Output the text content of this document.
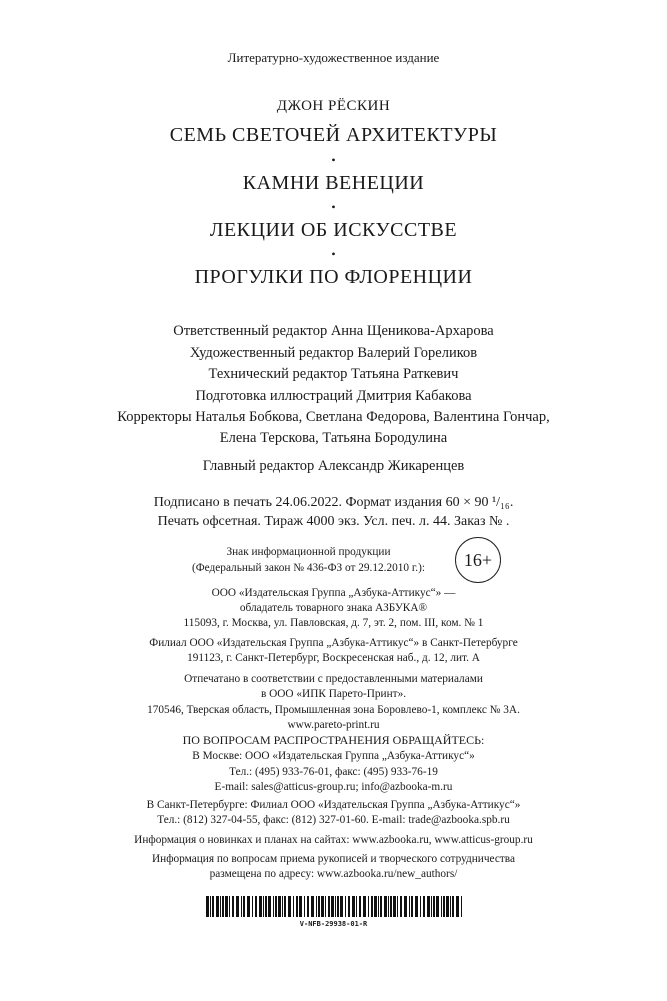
Литературно-художественное издание
ДЖОН РЁСКИН
СЕМЬ СВЕТОЧЕЙ АРХИТЕКТУРЫ
•
КАМНИ ВЕНЕЦИИ
•
ЛЕКЦИИ ОБ ИСКУССТВЕ
•
ПРОГУЛКИ ПО ФЛОРЕНЦИИ
Ответственный редактор Анна Щеникова-Архарова
Художественный редактор Валерий Гореликов
Технический редактор Татьяна Раткевич
Подготовка иллюстраций Дмитрия Кабакова
Корректоры Наталья Бобкова, Светлана Федорова, Валентина Гончар,
Елена Терскова, Татьяна Бородулина
Главный редактор Александр Жикаренцев
Подписано в печать 24.06.2022. Формат издания 60 × 90 ¹/₁₆.
Печать офсетная. Тираж 4000 экз. Усл. печ. л. 44. Заказ № .
Знак информационной продукции
(Федеральный закон № 436-ФЗ от 29.12.2010 г.):	16+
ООО «Издательская Группа „Азбука-Аттикус“» —
обладатель товарного знака АЗБУКА®
115093, г. Москва, ул. Павловская, д. 7, эт. 2, пом. III, ком. № 1
Филиал ООО «Издательская Группа „Азбука-Аттикус“» в Санкт-Петербурге
191123, г. Санкт-Петербург, Воскресенская наб., д. 12, лит. А
Отпечатано в соответствии с предоставленными материалами
в ООО «ИПК Парето-Принт».
170546, Тверская область, Промышленная зона Боровлево-1, комплекс № 3А.
www.pareto-print.ru
ПО ВОПРОСАМ РАСПРОСТРАНЕНИЯ ОБРАЩАЙТЕСЬ:
В Москве: ООО «Издательская Группа „Азбука-Аттикус“»
Тел.: (495) 933-76-01, факс: (495) 933-76-19
E-mail: sales@atticus-group.ru; info@azbooka-m.ru
В Санкт-Петербурге: Филиал ООО «Издательская Группа „Азбука-Аттикус“»
Тел.: (812) 327-04-55, факс: (812) 327-01-60. E-mail: trade@azbooka.spb.ru
Информация о новинках и планах на сайтах: www.azbooka.ru, www.atticus-group.ru
Информация по вопросам приема рукописей и творческого сотрудничества
размещена по адресу: www.azbooka.ru/new_authors/
V-NFB-29938-01-R
